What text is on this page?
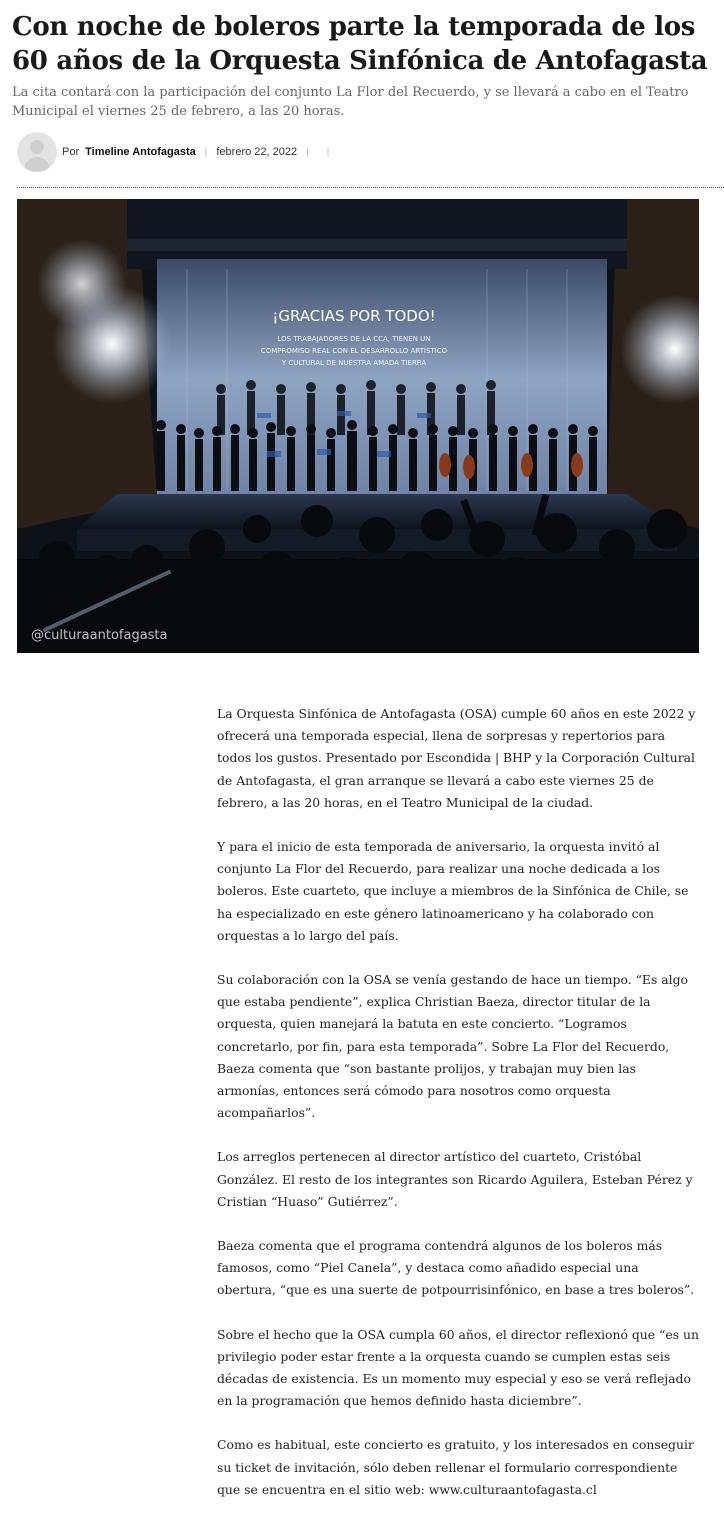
Con noche de boleros parte la temporada de los 60 años de la Orquesta Sinfónica de Antofagasta

La cita contará con la participación del conjunto La Flor del Recuerdo, y se llevará a cabo en el Teatro Municipal el viernes 25 de febrero, a las 20 horas.

Por Timeline Antofagasta | febrero 22, 2022 | |
¡GRACIAS POR TODO!
LOS TRABAJADORES DE LA CCA, TIENEN UN
COMPROMISO REAL CON EL DESARROLLO ARTÍSTICO
Y CULTURAL DE NUESTRA AMADA TIERRA
@culturaantofagasta

La Orquesta Sinfónica de Antofagasta (OSA) cumple 60 años en este 2022 y ofrecerá una temporada especial, llena de sorpresas y repertorios para todos los gustos. Presentado por Escondida | BHP y la Corporación Cultural de Antofagasta, el gran arranque se llevará a cabo este viernes 25 de febrero, a las 20 horas, en el Teatro Municipal de la ciudad.

Y para el inicio de esta temporada de aniversario, la orquesta invitó al conjunto La Flor del Recuerdo, para realizar una noche dedicada a los boleros. Este cuarteto, que incluye a miembros de la Sinfónica de Chile, se ha especializado en este género latinoamericano y ha colaborado con orquestas a lo largo del país.

Su colaboración con la OSA se venía gestando de hace un tiempo. “Es algo que estaba pendiente”, explica Christian Baeza, director titular de la orquesta, quien manejará la batuta en este concierto. “Logramos concretarlo, por fin, para esta temporada”. Sobre La Flor del Recuerdo, Baeza comenta que “son bastante prolijos, y trabajan muy bien las armonías, entonces será cómodo para nosotros como orquesta acompañarlos”.

Los arreglos pertenecen al director artístico del cuarteto, Cristóbal González. El resto de los integrantes son Ricardo Aguilera, Esteban Pérez y Cristian “Huaso” Gutiérrez”.

Baeza comenta que el programa contendrá algunos de los boleros más famosos, como “Piel Canela”, y destaca como añadido especial una obertura, “que es una suerte de potpourrisinfónico, en base a tres boleros”.

Sobre el hecho que la OSA cumpla 60 años, el director reflexionó que “es un privilegio poder estar frente a la orquesta cuando se cumplen estas seis décadas de existencia. Es un momento muy especial y eso se verá reflejado en la programación que hemos definido hasta diciembre”.

Como es habitual, este concierto es gratuito, y los interesados en conseguir su ticket de invitación, sólo deben rellenar el formulario correspondiente que se encuentra en el sitio web: www.culturaantofagasta.cl
